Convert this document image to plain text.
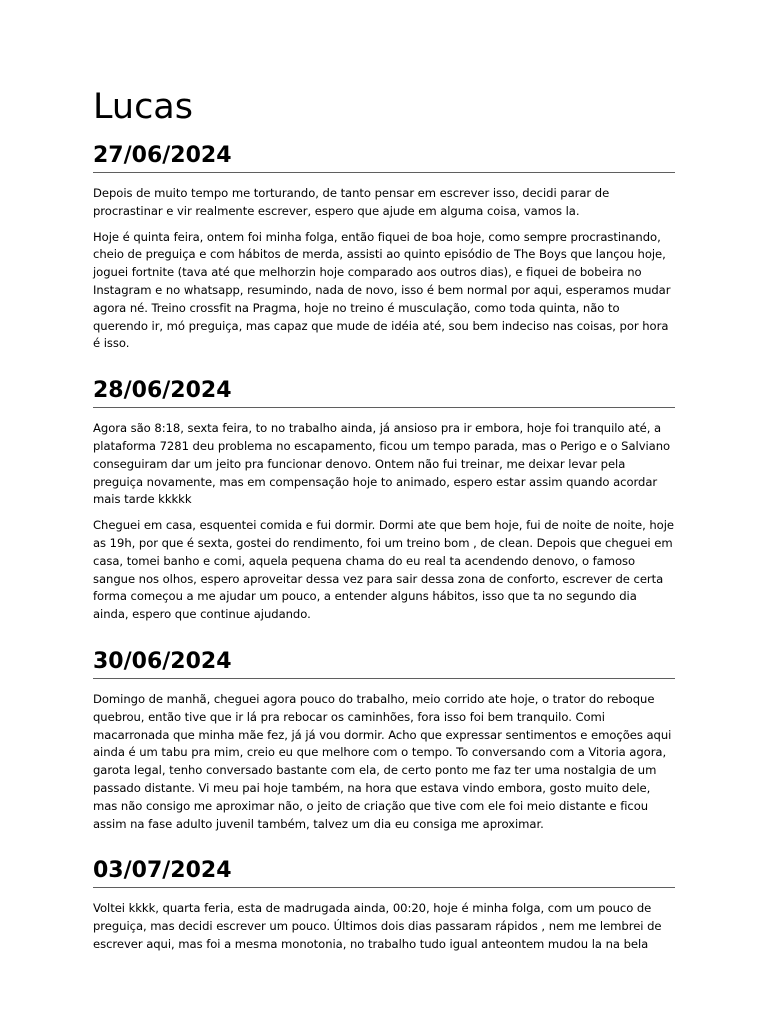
Lucas
27/06/2024

Depois de muito tempo me torturando, de tanto pensar em escrever isso, decidi parar de procrastinar e vir realmente escrever, espero que ajude em alguma coisa, vamos la.

Hoje é quinta feira, ontem foi minha folga, então fiquei de boa hoje, como sempre procrastinando, cheio de preguiça e com hábitos de merda, assisti ao quinto episódio de The Boys que lançou hoje, joguei fortnite (tava até que melhorzin hoje comparado aos outros dias), e fiquei de bobeira no Instagram e no whatsapp, resumindo, nada de novo, isso é bem normal por aqui, esperamos mudar agora né. Treino crossfit na Pragma, hoje no treino é musculação, como toda quinta, não to querendo ir, mó preguiça, mas capaz que mude de idéia até, sou bem indeciso nas coisas, por hora é isso.

28/06/2024

Agora são 8:18, sexta feira, to no trabalho ainda, já ansioso pra ir embora, hoje foi tranquilo até, a plataforma 7281 deu problema no escapamento, ficou um tempo parada, mas o Perigo e o Salviano conseguiram dar um jeito pra funcionar denovo. Ontem não fui treinar, me deixar levar pela preguiça novamente, mas em compensação hoje to animado, espero estar assim quando acordar mais tarde kkkkk

Cheguei em casa, esquentei comida e fui dormir. Dormi ate que bem hoje, fui de noite de noite, hoje as 19h, por que é sexta, gostei do rendimento, foi um treino bom , de clean. Depois que cheguei em casa, tomei banho e comi, aquela pequena chama do eu real ta acendendo denovo, o famoso sangue nos olhos, espero aproveitar dessa vez para sair dessa zona de conforto, escrever de certa forma começou a me ajudar um pouco, a entender alguns hábitos, isso que ta no segundo dia ainda, espero que continue ajudando.

30/06/2024

Domingo de manhã, cheguei agora pouco do trabalho, meio corrido ate hoje, o trator do reboque quebrou, então tive que ir lá pra rebocar os caminhões, fora isso foi bem tranquilo. Comi macarronada que minha mãe fez, já já vou dormir. Acho que expressar sentimentos e emoções aqui ainda é um tabu pra mim, creio eu que melhore com o tempo. To conversando com a Vitoria agora, garota legal, tenho conversado bastante com ela, de certo ponto me faz ter uma nostalgia de um passado distante. Vi meu pai hoje também, na hora que estava vindo embora, gosto muito dele, mas não consigo me aproximar não, o jeito de criação que tive com ele foi meio distante e ficou assim na fase adulto juvenil também, talvez um dia eu consiga me aproximar.

03/07/2024

Voltei kkkk, quarta feria, esta de madrugada ainda, 00:20, hoje é minha folga, com um pouco de preguiça, mas decidi escrever um pouco. Últimos dois dias passaram rápidos , nem me lembrei de escrever aqui, mas foi a mesma monotonia, no trabalho tudo igual anteontem mudou la na bela
